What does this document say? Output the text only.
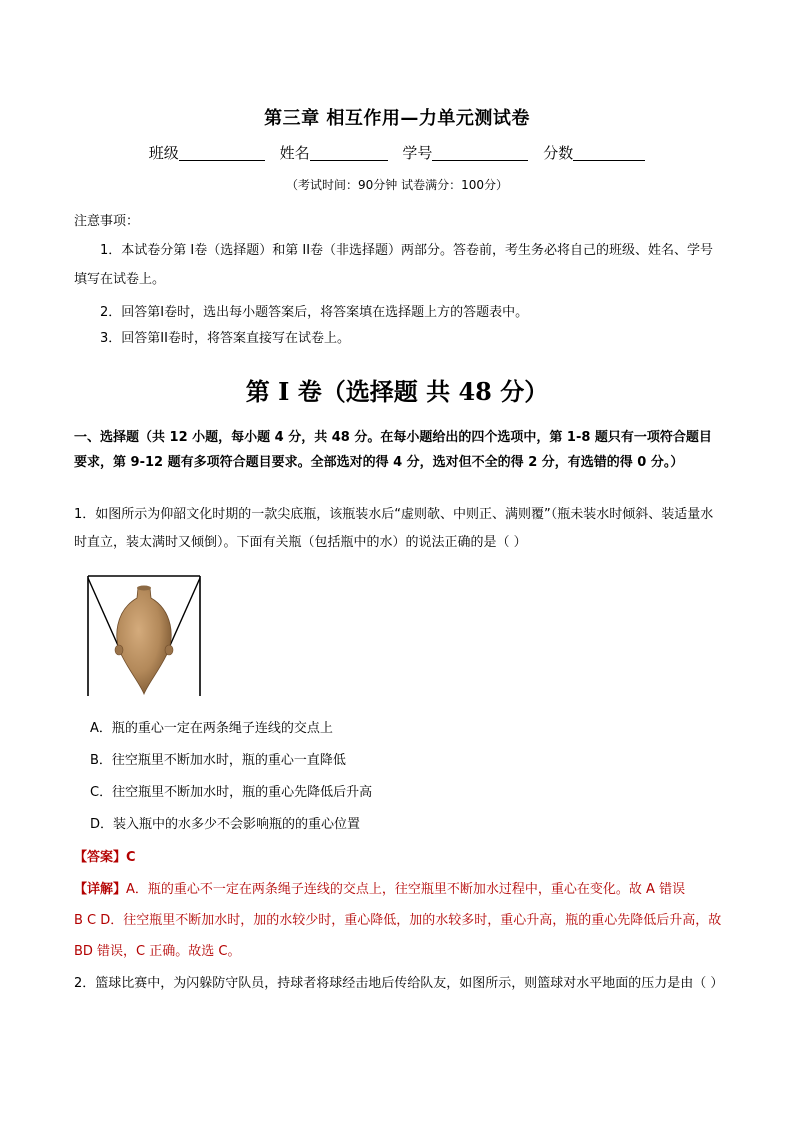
第三章 相互作用—力单元测试卷
班级	姓名	学号	分数
（考试时间：90分钟 试卷满分：100分）
注意事项：
1．本试卷分第 I卷（选择题）和第 II卷（非选择题）两部分。答卷前，考生务必将自己的班级、姓名、学号填写在试卷上。
2．回答第I卷时，选出每小题答案后，将答案填在选择题上方的答题表中。
3．回答第II卷时，将答案直接写在试卷上。
第 I 卷（选择题 共 48 分）
一、选择题（共 12 小题，每小题 4 分，共 48 分。在每小题给出的四个选项中，第 1-8 题只有一项符合题目要求，第 9-12 题有多项符合题目要求。全部选对的得 4 分，选对但不全的得 2 分，有选错的得 0 分。）
1．如图所示为仰韶文化时期的一款尖底瓶，该瓶装水后“虚则欹、中则正、满则覆”（瓶未装水时倾斜、装适量水时直立，装太满时又倾倒）。下面有关瓶（包括瓶中的水）的说法正确的是（ ）
A．瓶的重心一定在两条绳子连线的交点上
B．往空瓶里不断加水时，瓶的重心一直降低
C．往空瓶里不断加水时，瓶的重心先降低后升高
D．装入瓶中的水多少不会影响瓶的的重心位置
【答案】C
【详解】A．瓶的重心不一定在两条绳子连线的交点上，往空瓶里不断加水过程中，重心在变化。故 A 错误
B C D．往空瓶里不断加水时，加的水较少时，重心降低，加的水较多时，重心升高，瓶的重心先降低后升高，故 BD 错误，C 正确。故选 C。
2．篮球比赛中，为闪躲防守队员，持球者将球经击地后传给队友，如图所示，则篮球对水平地面的压力是由（ ）
